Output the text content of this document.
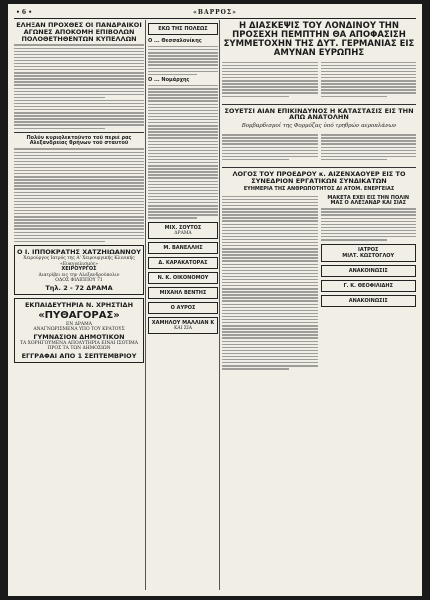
• 6 •	«ΒΑΡΡΟΣ»
ΕΛΗΞΑΝ ΠΡΟΧΘΕΣ ΟΙ ΠΑΝΔΡΑΙΚΟΙ ΑΓΩΝΕΣ ΑΠΟΚΟΜΗ ΕΠΙΒΟΛΩΝ ΠΟΛΟΘΕΤΗΘΕΝΤΩΝ ΚΥΠΕΛΛΩΝ
Πολύν κυριολεκτοῦντο τοῦ περιέ ρας Αλεξανδρείας θρήνων τοῦ σταυτοῦ
Ο Ι. ΙΠΠΟΚΡΑΤΗΣ ΧΑΤΖΗΙΩΑΝΝΟΥ
Χειρούργος Ιατρός της Α' Χειρουργικής Κλινικής «Ευαγγελισμός»
ΧΕΙΡΟΥΡΓΟΣ
Διατρίβει εις την Αλεξανδρούπολιν
ΟΔΟΣ ΦΙΛΙΠΠΟΥ 71
Τηλ. 2 - 72 ΔΡΑΜΑ
ΕΚΠΑΙΔΕΥΤΗΡΙΑ Ν. ΧΡΗΣΤΙΔΗ
«ΠΥΘΑΓΟΡΑΣ»
ΕΝ ΔΡΑΜΑ
ΑΝΑΓΝΩΡΙΣΜΕΝΑ ΥΠΟ ΤΟΥ ΚΡΑΤΟΥΣ
ΓΥΜΝΑΣΙΟΝ ΔΗΜΟΤΙΚΟΝ
ΤΑ ΧΟΡΗΓΟΥΜΕΝΑ ΑΠΟΛΥΤΗΡΙΑ ΕΙΝΑΙ ΙΣΟΤΙΜΑ ΠΡΟΣ ΤΑ ΤΩΝ ΔΗΜΟΣΙΩΝ
ΕΓΓΡΑΦΑΙ ΑΠΟ 1 ΣΕΠΤΕΜΒΡΙΟΥ
ΕΚΩ ΤΗΣ ΠΟΛΕΩΣ
Ο ... Θεσσαλονίκης
Ο ... Νομάρχης
ΜΙΧ. ΣΟΥΤΟΣ
ΔΡΑΜΑ
Μ. ΒΑΝΕΛΛΗΣ
Δ. ΚΑΡΑΚΑΤΟΡΑΣ
Ν. Κ. ΟΙΚΟΝΟΜΟΥ
ΜΙΧΑΗΛ ΒΕΝΤΗΣ
Ο ΑΥΡΟΣ
ΧΑΜΗΛΟΥ ΜΑΛΛΙΑΝ Κ
ΚΑΙ ΣΙΑ
Η ΔΙΑΣΚΕΨΙΣ ΤΟΥ ΛΟΝΔΙΝΟΥ ΤΗΝ ΠΡΟΣΕΧΗ ΠΕΜΠΤΗΝ ΘΑ ΑΠΟΦΑΣΙΣΗ ΣΥΜΜΕΤΟΧΗΝ ΤΗΣ ΔΥΤ. ΓΕΡΜΑΝΙΑΣ ΕΙΣ ΑΜΥΝΑΝ ΕΥΡΩΠΗΣ
ΣΟΥΕΤΣΙ ΑΙΑΝ ΕΠΙΚΙΝΔΥΝΟΣ Η ΚΑΤΑΣΤΑΣΙΣ ΕΙΣ ΤΗΝ ΑΠΩ ΑΝΑΤΟΛΗΝ
Βομβαρδισμοί της Φορμόζας ὑπό τρηθρών αεροπλάνων
ΛΟΓΟΣ ΤΟΥ ΠΡΟΕΔΡΟΥ κ. ΑΙΖΕΝΧΑΟΥΕΡ ΕΙΣ ΤΟ ΣΥΝΕΔΡΙΟΝ ΕΡΓΑΤΙΚΩΝ ΣΥΝΔΙΚΑΤΩΝ
ΕΥΗΜΕΡΙΑ ΤΗΣ ΑΝΘΡΩΠΟΤΗΤΟΣ ΔΙ ΑΤΟΜ. ΕΝΕΡΓΕΙΑΣ
ΜΑΚΕΤΑ ΕΧΕΙ ΕΙΣ ΤΗΝ ΠΟΛΙΝ ΜΑΣ Ο ΑΛΕΞΑΝΔΡ ΚΑΙ ΣΙΑΣ
ΙΑΤΡΟΣ
ΜΙΛΤ. ΚΩΣΤΟΓΛΟΥ
ΑΝΑΚΟΙΝΩΣΙΣ
Γ. Κ. ΘΕΟΦΙΛΙΔΗΣ
ΑΝΑΚΟΙΝΩΣΙΣ
